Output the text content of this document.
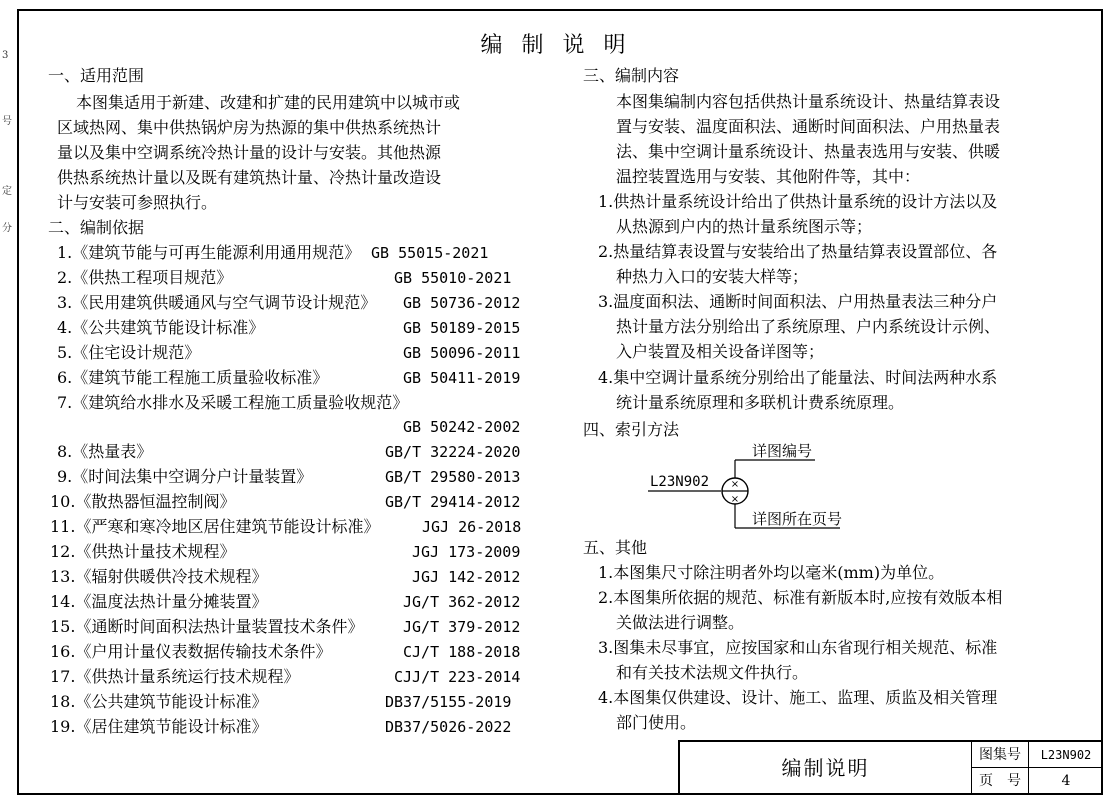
3
号
定
分
编 制 说 明
一、适用范围
本图集适用于新建、改建和扩建的民用建筑中以城市或
区域热网、集中供热锅炉房为热源的集中供热系统热计
量以及集中空调系统冷热计量的设计与安装。其他热源
供热系统热计量以及既有建筑热计量、冷热计量改造设
计与安装可参照执行。
二、编制依据
1.《建筑节能与可再生能源利用通用规范》 GB 55015-2021
2.《供热工程项目规范》	GB 55010-2021
3.《民用建筑供暖通风与空气调节设计规范》 GB 50736-2012
4.《公共建筑节能设计标准》	GB 50189-2015
5.《住宅设计规范》	GB 50096-2011
6.《建筑节能工程施工质量验收标准》	GB 50411-2019
7.《建筑给水排水及采暖工程施工质量验收规范》
GB 50242-2002
8.《热量表》	GB/T 32224-2020
9.《时间法集中空调分户计量装置》	GB/T 29580-2013
10.《散热器恒温控制阀》	GB/T 29414-2012
11.《严寒和寒冷地区居住建筑节能设计标准》	JGJ 26-2018
12.《供热计量技术规程》	JGJ 173-2009
13.《辐射供暖供冷技术规程》	JGJ 142-2012
14.《温度法热计量分摊装置》	JG/T 362-2012
15.《通断时间面积法热计量装置技术条件》	JG/T 379-2012
16.《户用计量仪表数据传输技术条件》	CJ/T 188-2018
17.《供热计量系统运行技术规程》	CJJ/T 223-2014
18.《公共建筑节能设计标准》	DB37/5155-2019
19.《居住建筑节能设计标准》	DB37/5026-2022
三、编制内容
本图集编制内容包括供热计量系统设计、热量结算表设
置与安装、温度面积法、通断时间面积法、户用热量表
法、集中空调计量系统设计、热量表选用与安装、供暖
温控装置选用与安装、其他附件等，其中：
1.供热计量系统设计给出了供热计量系统的设计方法以及
从热源到户内的热计量系统图示等；
2.热量结算表设置与安装给出了热量结算表设置部位、各
种热力入口的安装大样等；
3.温度面积法、通断时间面积法、户用热量表法三种分户
热计量方法分别给出了系统原理、户内系统设计示例、
入户装置及相关设备详图等；
4.集中空调计量系统分别给出了能量法、时间法两种水系
统计量系统原理和多联机计费系统原理。
四、索引方法
×
×
详图编号
L23N902
详图所在页号
五、其他
1.本图集尺寸除注明者外均以毫米(mm)为单位。
2.本图集所依据的规范、标准有新版本时,应按有效版本相
关做法进行调整。
3.图集未尽事宜，应按国家和山东省现行相关规范、标准
和有关技术法规文件执行。
4.本图集仅供建设、设计、施工、监理、质监及相关管理
部门使用。
编制说明
图集号	L23N902
页　号	4
